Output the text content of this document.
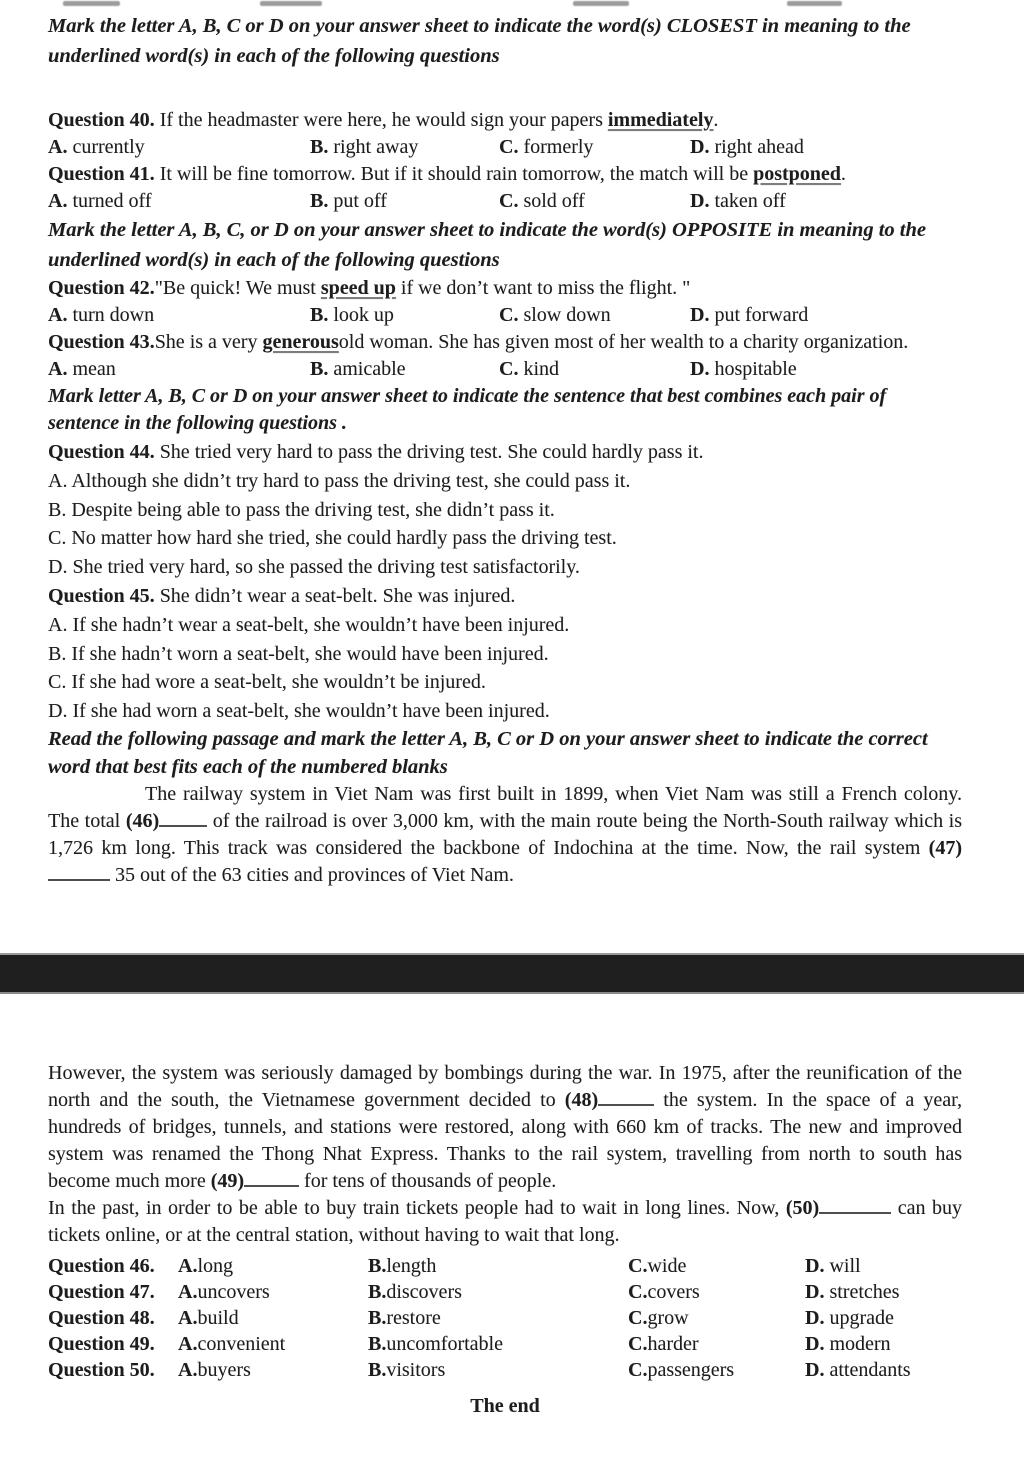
Mark the letter A, B, C or D on your answer sheet to indicate the word(s) CLOSEST in meaning to the underlined word(s) in each of the following questions
Question 40. If the headmaster were here, he would sign your papers immediately.
A. currently	B. right away	C. formerly	D. right ahead
Question 41. It will be fine tomorrow. But if it should rain tomorrow, the match will be postponed.
A. turned off	B. put off	C. sold off	D. taken off
Mark the letter A, B, C, or D on your answer sheet to indicate the word(s) OPPOSITE in meaning to the underlined word(s) in each of the following questions
Question 42."Be quick! We must speed up if we don’t want to miss the flight. "
A. turn down	B. look up	C. slow down	D. put forward
Question 43.She is a very generousold woman. She has given most of her wealth to a charity organization.
A. mean	B. amicable	C. kind	D. hospitable
Mark letter A, B, C or D on your answer sheet to indicate the sentence that best combines each pair of sentence in the following questions .
Question 44. She tried very hard to pass the driving test. She could hardly pass it.
A. Although she didn’t try hard to pass the driving test, she could pass it.
B. Despite being able to pass the driving test, she didn’t pass it.
C. No matter how hard she tried, she could hardly pass the driving test.
D. She tried very hard, so she passed the driving test satisfactorily.
Question 45. She didn’t wear a seat-belt. She was injured.
A. If she hadn’t wear a seat-belt, she wouldn’t have been injured.
B. If she hadn’t worn a seat-belt, she would have been injured.
C. If she had wore a seat-belt, she wouldn’t be injured.
D. If she had worn a seat-belt, she wouldn’t have been injured.
Read the following passage and mark the letter A, B, C or D on your answer sheet to indicate the correct word that best fits each of the numbered blanks
The railway system in Viet Nam was first built in 1899, when Viet Nam was still a French colony. The total (46) of the railroad is over 3,000 km, with the main route being the North-South railway which is 1,726 km long. This track was considered the backbone of Indochina at the time. Now, the rail system (47) 35 out of the 63 cities and provinces of Viet Nam.
However, the system was seriously damaged by bombings during the war. In 1975, after the reunification of the north and the south, the Vietnamese government decided to (48)	the system. In the space of a year, hundreds of bridges, tunnels, and stations were restored, along with 660 km of tracks. The new and improved system was renamed the Thong Nhat Express. Thanks to the rail system, travelling from north to south has become much more (49)	for tens of thousands of people.
In the past, in order to be able to buy train tickets people had to wait in long lines. Now, (50)	can buy tickets online, or at the central station, without having to wait that long.
Question 46.	A.long	B.length	C.wide	D. will
Question 47.	A.uncovers	B.discovers	C.covers	D. stretches
Question 48.	A.build	B.restore	C.grow	D. upgrade
Question 49.	A.convenient	B.uncomfortable	C.harder	D. modern
Question 50.	A.buyers	B.visitors	C.passengers	D. attendants
The end
